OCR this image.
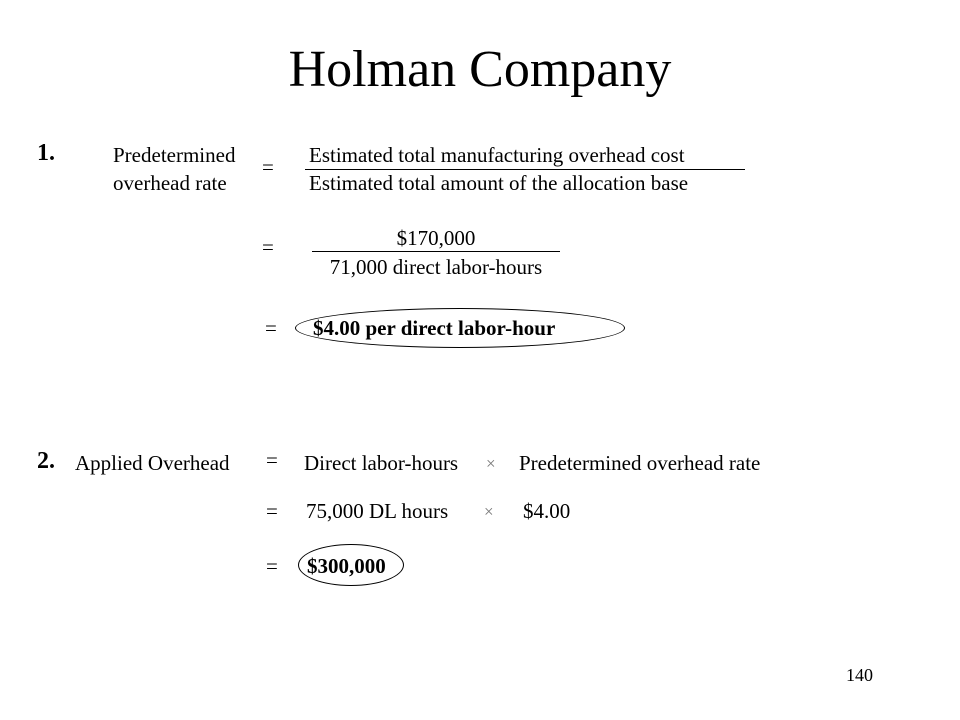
Holman Company
1.	Predetermined
overhead rate
= Estimated total manufacturing overhead cost
Estimated total amount of the allocation base
=	$170,000
71,000 direct labor-hours
= $4.00 per direct labor-hour
2. Applied Overhead = Direct labor-hours × Predetermined overhead rate
= 75,000 DL hours × $4.00
= $300,000
140
